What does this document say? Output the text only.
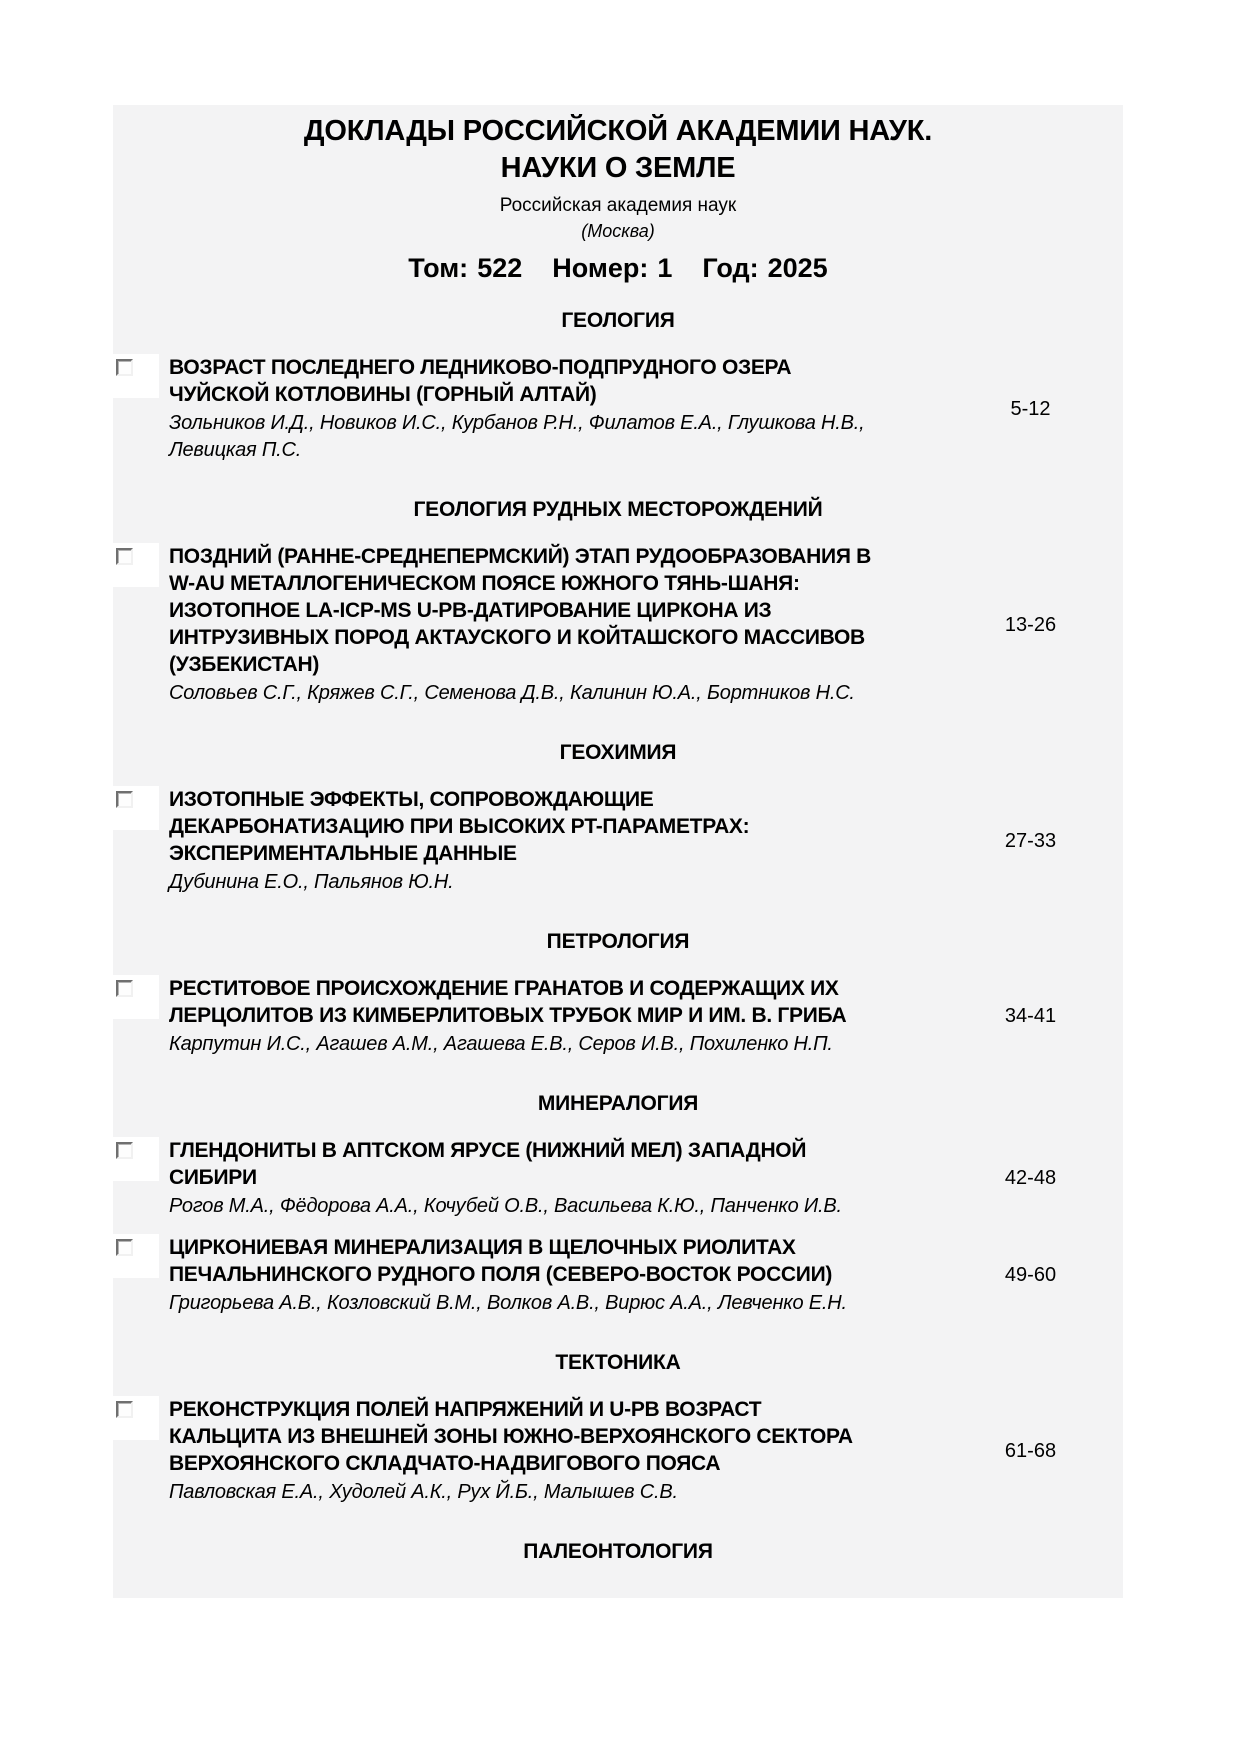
ДОКЛАДЫ РОССИЙСКОЙ АКАДЕМИИ НАУК.
НАУКИ О ЗЕМЛЕ
Российская академия наук
(Москва)
Том: 522 Номер: 1 Год: 2025
ГЕОЛОГИЯ
ВОЗРАСТ ПОСЛЕДНЕГО ЛЕДНИКОВО-ПОДПРУДНОГО ОЗЕРА ЧУЙСКОЙ КОТЛОВИНЫ (ГОРНЫЙ АЛТАЙ)
Зольников И.Д., Новиков И.С., Курбанов Р.Н., Филатов Е.А., Глушкова Н.В., Левицкая П.С.
5-12
ГЕОЛОГИЯ РУДНЫХ МЕСТОРОЖДЕНИЙ
ПОЗДНИЙ (РАННЕ-СРЕДНЕПЕРМСКИЙ) ЭТАП РУДООБРАЗОВАНИЯ В W-AU МЕТАЛЛОГЕНИЧЕСКОМ ПОЯСЕ ЮЖНОГО ТЯНЬ-ШАНЯ: ИЗОТОПНОЕ LA-ICP-MS U-PB-ДАТИРОВАНИЕ ЦИРКОНА ИЗ ИНТРУЗИВНЫХ ПОРОД АКТАУСКОГО И КОЙТАШСКОГО МАССИВОВ (УЗБЕКИСТАН)
Соловьев С.Г., Кряжев С.Г., Семенова Д.В., Калинин Ю.А., Бортников Н.С.
13-26
ГЕОХИМИЯ
ИЗОТОПНЫЕ ЭФФЕКТЫ, СОПРОВОЖДАЮЩИЕ ДЕКАРБОНАТИЗАЦИЮ ПРИ ВЫСОКИХ PT-ПАРАМЕТРАХ: ЭКСПЕРИМЕНТАЛЬНЫЕ ДАННЫЕ
Дубинина Е.О., Пальянов Ю.Н.
27-33
ПЕТРОЛОГИЯ
РЕСТИТОВОЕ ПРОИСХОЖДЕНИЕ ГРАНАТОВ И СОДЕРЖАЩИХ ИХ ЛЕРЦОЛИТОВ ИЗ КИМБЕРЛИТОВЫХ ТРУБОК МИР И ИМ. В. ГРИБА
Карпутин И.С., Агашев А.М., Агашева Е.В., Серов И.В., Похиленко Н.П.
34-41
МИНЕРАЛОГИЯ
ГЛЕНДОНИТЫ В АПТСКОМ ЯРУСЕ (НИЖНИЙ МЕЛ) ЗАПАДНОЙ СИБИРИ
Рогов М.А., Фёдорова А.А., Кочубей О.В., Васильева К.Ю., Панченко И.В.
42-48
ЦИРКОНИЕВАЯ МИНЕРАЛИЗАЦИЯ В ЩЕЛОЧНЫХ РИОЛИТАХ ПЕЧАЛЬНИНСКОГО РУДНОГО ПОЛЯ (СЕВЕРО-ВОСТОК РОССИИ)
Григорьева А.В., Козловский В.М., Волков А.В., Вирюс А.А., Левченко Е.Н.
49-60
ТЕКТОНИКА
РЕКОНСТРУКЦИЯ ПОЛЕЙ НАПРЯЖЕНИЙ И U-PB ВОЗРАСТ КАЛЬЦИТА ИЗ ВНЕШНЕЙ ЗОНЫ ЮЖНО-ВЕРХОЯНСКОГО СЕКТОРА ВЕРХОЯНСКОГО СКЛАДЧАТО-НАДВИГОВОГО ПОЯСА
Павловская Е.А., Худолей А.К., Рух Й.Б., Малышев С.В.
61-68
ПАЛЕОНТОЛОГИЯ
